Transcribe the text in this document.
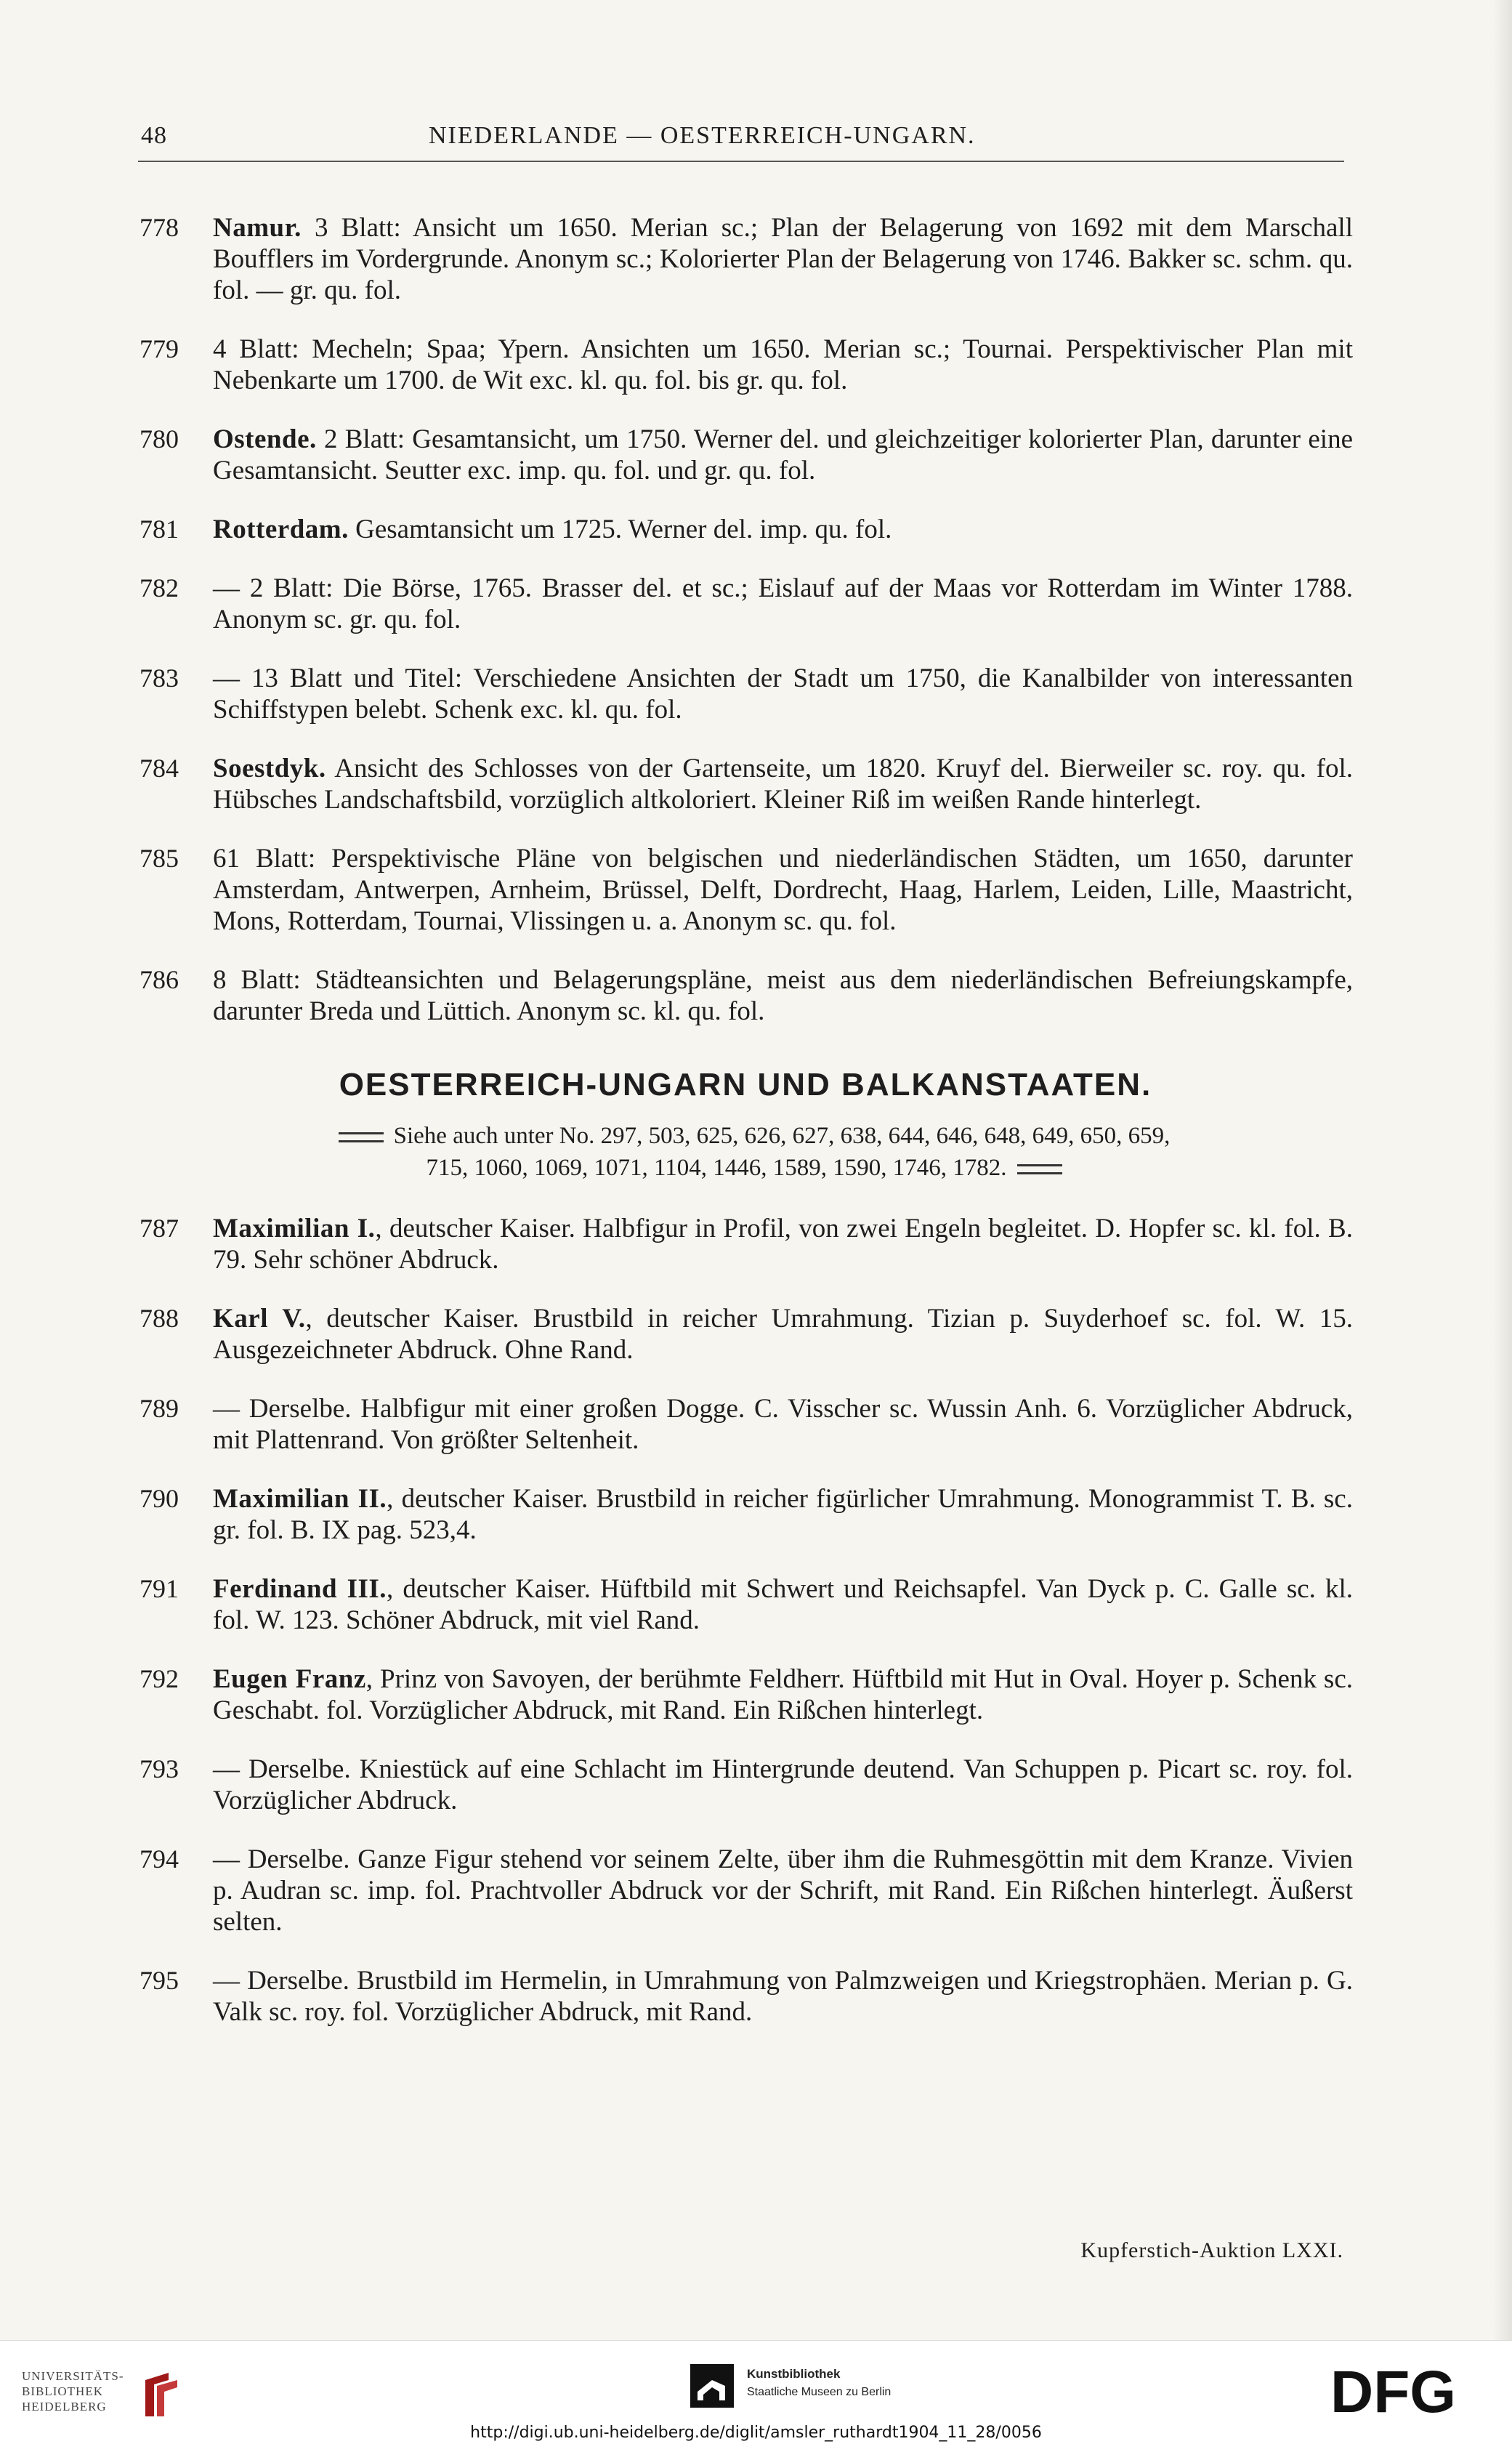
48	NIEDERLANDE — OESTERREICH-UNGARN.
778 Namur. 3 Blatt: Ansicht um 1650. Merian sc.; Plan der Belagerung von 1692 mit dem Marschall Boufflers im Vordergrunde. Anonym sc.; Kolorierter Plan der Belagerung von 1746. Bakker sc. schm. qu. fol. — gr. qu. fol.
779 4 Blatt: Mecheln; Spaa; Ypern. Ansichten um 1650. Merian sc.; Tournai. Perspektivischer Plan mit Nebenkarte um 1700. de Wit exc. kl. qu. fol. bis gr. qu. fol.
780 Ostende. 2 Blatt: Gesamtansicht, um 1750. Werner del. und gleichzeitiger kolorierter Plan, darunter eine Gesamtansicht. Seutter exc. imp. qu. fol. und gr. qu. fol.
781 Rotterdam. Gesamtansicht um 1725. Werner del. imp. qu. fol.
782 — 2 Blatt: Die Börse, 1765. Brasser del. et sc.; Eislauf auf der Maas vor Rotterdam im Winter 1788. Anonym sc. gr. qu. fol.
783 — 13 Blatt und Titel: Verschiedene Ansichten der Stadt um 1750, die Kanalbilder von interessanten Schiffstypen belebt. Schenk exc. kl. qu. fol.
784 Soestdyk. Ansicht des Schlosses von der Gartenseite, um 1820. Kruyf del. Bierweiler sc. roy. qu. fol. Hübsches Landschaftsbild, vorzüglich altkoloriert. Kleiner Riß im weißen Rande hinterlegt.
785 61 Blatt: Perspektivische Pläne von belgischen und niederländischen Städten, um 1650, darunter Amsterdam, Antwerpen, Arnheim, Brüssel, Delft, Dordrecht, Haag, Harlem, Leiden, Lille, Maastricht, Mons, Rotterdam, Tournai, Vlissingen u. a. Anonym sc. qu. fol.
786 8 Blatt: Städteansichten und Belagerungspläne, meist aus dem niederländischen Befreiungskampfe, darunter Breda und Lüttich. Anonym sc. kl. qu. fol.
OESTERREICH-UNGARN UND BALKANSTAATEN.
Siehe auch unter No. 297, 503, 625, 626, 627, 638, 644, 646, 648, 649, 650, 659,
715, 1060, 1069, 1071, 1104, 1446, 1589, 1590, 1746, 1782.
787 Maximilian I., deutscher Kaiser. Halbfigur in Profil, von zwei Engeln begleitet. D. Hopfer sc. kl. fol. B. 79. Sehr schöner Abdruck.
788 Karl V., deutscher Kaiser. Brustbild in reicher Umrahmung. Tizian p. Suyderhoef sc. fol. W. 15. Ausgezeichneter Abdruck. Ohne Rand.
789 — Derselbe. Halbfigur mit einer großen Dogge. C. Visscher sc. Wussin Anh. 6. Vorzüglicher Abdruck, mit Plattenrand. Von größter Seltenheit.
790 Maximilian II., deutscher Kaiser. Brustbild in reicher figürlicher Umrahmung. Monogrammist T. B. sc. gr. fol. B. IX pag. 523,4.
791 Ferdinand III., deutscher Kaiser. Hüftbild mit Schwert und Reichsapfel. Van Dyck p. C. Galle sc. kl. fol. W. 123. Schöner Abdruck, mit viel Rand.
792 Eugen Franz, Prinz von Savoyen, der berühmte Feldherr. Hüftbild mit Hut in Oval. Hoyer p. Schenk sc. Geschabt. fol. Vorzüglicher Abdruck, mit Rand. Ein Rißchen hinterlegt.
793 — Derselbe. Kniestück auf eine Schlacht im Hintergrunde deutend. Van Schuppen p. Picart sc. roy. fol. Vorzüglicher Abdruck.
794 — Derselbe. Ganze Figur stehend vor seinem Zelte, über ihm die Ruhmesgöttin mit dem Kranze. Vivien p. Audran sc. imp. fol. Prachtvoller Abdruck vor der Schrift, mit Rand. Ein Rißchen hinterlegt. Äußerst selten.
795 — Derselbe. Brustbild im Hermelin, in Umrahmung von Palmzweigen und Kriegstrophäen. Merian p. G. Valk sc. roy. fol. Vorzüglicher Abdruck, mit Rand.
Kupferstich-Auktion LXXI.
UNIVERSITÄTS-
BIBLIOTHEK
HEIDELBERG
Kunstbibliothek
Staatliche Museen zu Berlin	DFG
http://digi.ub.uni-heidelberg.de/diglit/amsler_ruthardt1904_11_28/0056
